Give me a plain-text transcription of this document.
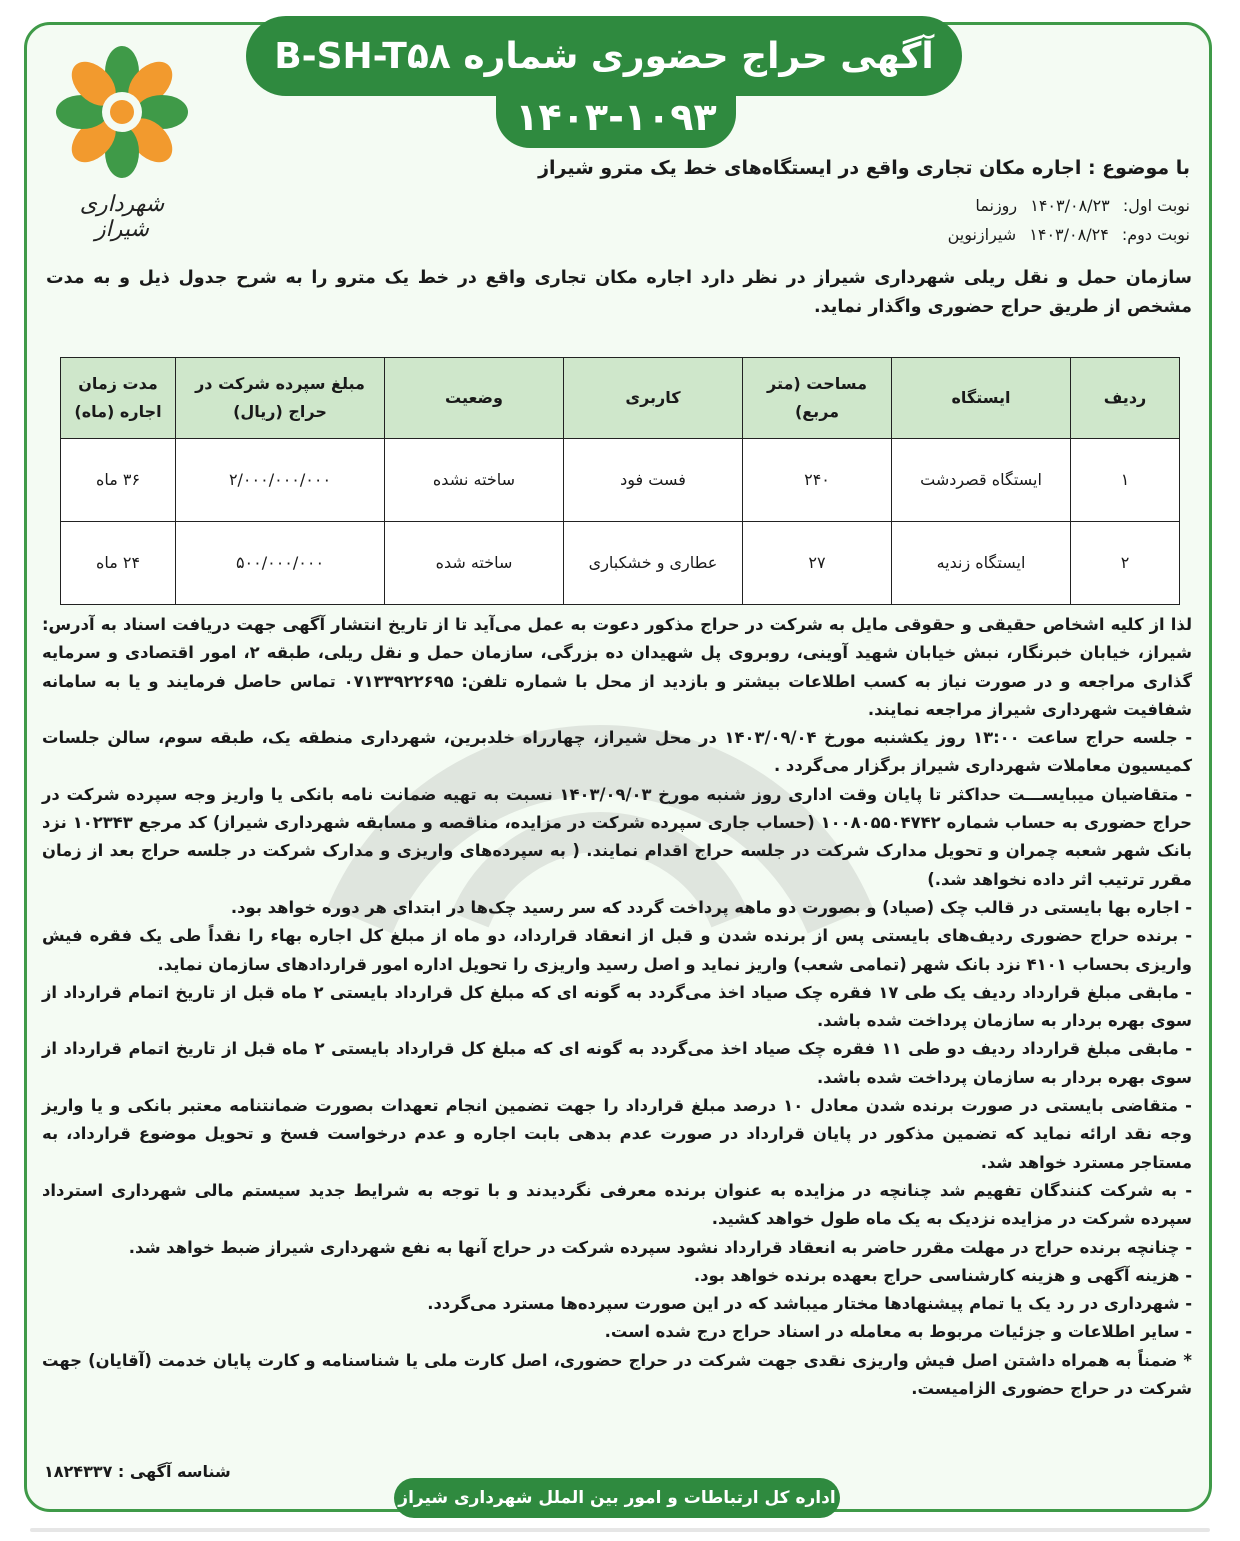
آگهی حراج حضوری شماره B-SH-T۵۸
۱۴۰۳-۱۰۹۳
شهرداری شیراز
با موضوع : اجاره مکان تجاری واقع در ایستگاه‌های خط یک مترو شیراز
نوبت اول: ۱۴۰۳/۰۸/۲۳ روزنما
نوبت دوم: ۱۴۰۳/۰۸/۲۴ شیرازنوین
سازمان حمل و نقل ریلی شهرداری شیراز در نظر دارد اجاره مکان تجاری واقع در خط یک مترو را به شرح جدول ذیل و به مدت مشخص از طریق حراج حضوری واگذار نماید.
ردیف	ایستگاه	مساحت (متر مربع)	کاربری	وضعیت	مبلغ سپرده شرکت در حراج (ریال)	مدت زمان اجاره (ماه)
۱	ایستگاه قصردشت	۲۴۰	فست فود	ساخته نشده	۲/۰۰۰/۰۰۰/۰۰۰	۳۶ ماه
۲	ایستگاه زندیه	۲۷	عطاری و خشکباری	ساخته شده	۵۰۰/۰۰۰/۰۰۰	۲۴ ماه

لذا از کلیه اشخاص حقیقی و حقوقی مایل به شرکت در حراج مذکور دعوت به عمل می‌آید تا از تاریخ انتشار آگهی جهت دریافت اسناد به آدرس: شیراز، خیابان خبرنگار، نبش خیابان شهید آوینی، روبروی پل شهیدان ده بزرگی، سازمان حمل و نقل ریلی، طبقه ۲، امور اقتصادی و سرمایه گذاری مراجعه و در صورت نیاز به کسب اطلاعات بیشتر و بازدید از محل با شماره تلفن: ۰۷۱۳۳۹۲۲۶۹۵ تماس حاصل فرمایند و یا به سامانه شفافیت شهرداری شیراز مراجعه نمایند.

- جلسه حراج ساعت ۱۳:۰۰ روز یکشنبه مورخ ۱۴۰۳/۰۹/۰۴ در محل شیراز، چهارراه خلدبرین، شهرداری منطقه یک، طبقه سوم، سالن جلسات کمیسیون معاملات شهرداری شیراز برگزار می‌گردد .

- متقاضیان میبایســـت حداکثر تا پایان وقت اداری روز شنبه مورخ ۱۴۰۳/۰۹/۰۳ نسبت به تهیه ضمانت نامه بانکی یا واریز وجه سپرده شرکت در حراج حضوری به حساب شماره ۱۰۰۸۰۵۵۰۴۷۴۲ (حساب جاری سپرده شرکت در مزایده، مناقصه و مسابقه شهرداری شیراز) کد مرجع ۱۰۲۳۴۳ نزد بانک شهر شعبه چمران و تحویل مدارک شرکت در جلسه حراج اقدام نمایند. ( به سپرده‌های واریزی و مدارک شرکت در جلسه حراج بعد از زمان مقرر ترتیب اثر داده نخواهد شد.)

- اجاره بها بایستی در قالب چک (صیاد) و بصورت دو ماهه پرداخت گردد که سر رسید چک‌ها در ابتدای هر دوره خواهد بود.

- برنده حراج حضوری ردیف‌های بایستی پس از برنده شدن و قبل از انعقاد قرارداد، دو ماه از مبلغ کل اجاره بهاء را نقداً طی یک فقره فیش واریزی بحساب ۴۱۰۱ نزد بانک شهر (تمامی شعب) واریز نماید و اصل رسید واریزی را تحویل اداره امور قراردادهای سازمان نماید.

- مابقی مبلغ قرارداد ردیف یک طی ۱۷ فقره چک صیاد اخذ می‌گردد به گونه ای که مبلغ کل قرارداد بایستی ۲ ماه قبل از تاریخ اتمام قرارداد از سوی بهره بردار به سازمان پرداخت شده باشد.

- مابقی مبلغ قرارداد ردیف دو طی ۱۱ فقره چک صیاد اخذ می‌گردد به گونه ای که مبلغ کل قرارداد بایستی ۲ ماه قبل از تاریخ اتمام قرارداد از سوی بهره بردار به سازمان پرداخت شده باشد.

- متقاضی بایستی در صورت برنده شدن معادل ۱۰ درصد مبلغ قرارداد را جهت تضمین انجام تعهدات بصورت ضمانتنامه معتبر بانکی و یا واریز وجه نقد ارائه نماید که تضمین مذکور در پایان قرارداد در صورت عدم بدهی بابت اجاره و عدم درخواست فسخ و تحویل موضوع قرارداد، به مستاجر مسترد خواهد شد.

- به شرکت کنندگان تفهیم شد چنانچه در مزایده به عنوان برنده معرفی نگردیدند و با توجه به شرایط جدید سیستم مالی شهرداری استرداد سپرده شرکت در مزایده نزدیک به یک ماه طول خواهد کشید.

- چنانچه برنده حراج در مهلت مقرر حاضر به انعقاد قرارداد نشود سپرده شرکت در حراج آنها به نفع شهرداری شیراز ضبط خواهد شد.

- هزینه آگهی و هزینه کارشناسی حراج بعهده برنده خواهد بود.

- شهرداری در رد یک یا تمام پیشنهادها مختار میباشد که در این صورت سپرده‌ها مسترد می‌گردد.

- سایر اطلاعات و جزئیات مربوط به معامله در اسناد حراج درج شده است.

* ضمناً به همراه داشتن اصل فیش واریزی نقدی جهت شرکت در حراج حضوری، اصل کارت ملی یا شناسنامه و کارت پایان خدمت (آقایان) جهت شرکت در حراج حضوری الزامیست.

۱۸۲۴۳۳۷ : شناسه آگهی
اداره کل ارتباطات و امور بین الملل شهرداری شیراز
